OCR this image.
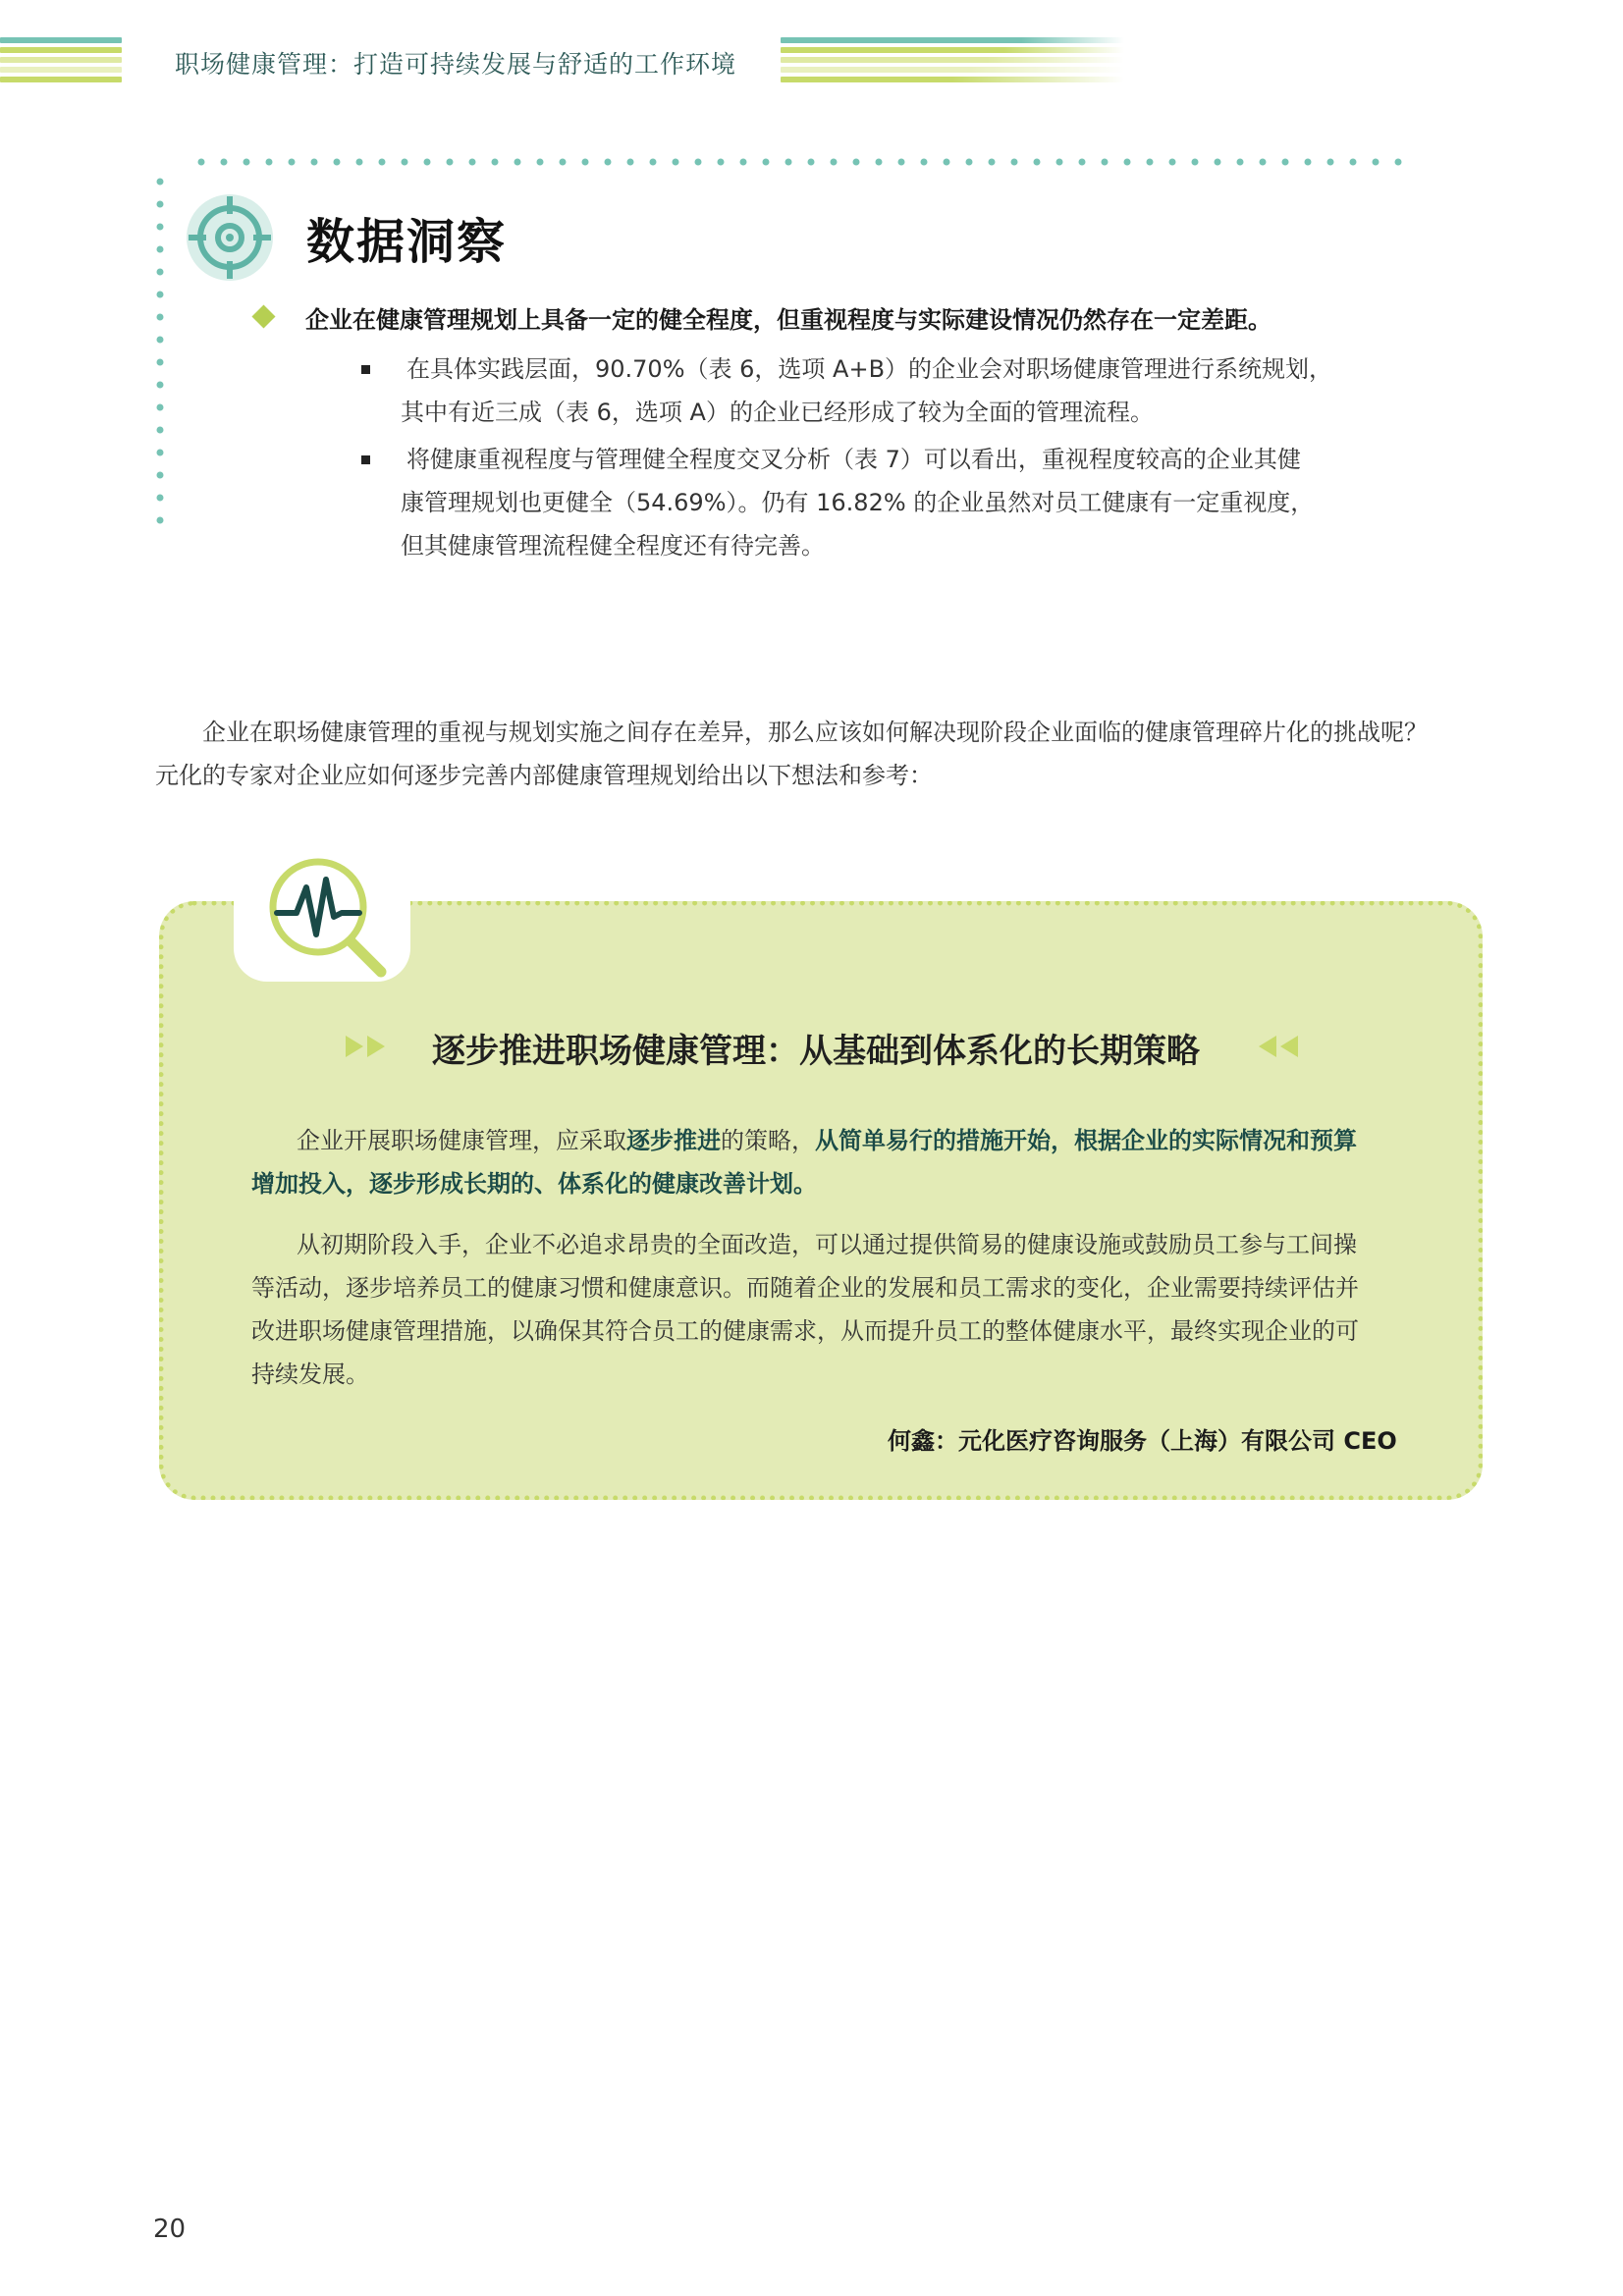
职场健康管理：打造可持续发展与舒适的工作环境
数据洞察
企业在健康管理规划上具备一定的健全程度，但重视程度与实际建设情况仍然存在一定差距。
在具体实践层面，90.70%（表 6，选项 A+B）的企业会对职场健康管理进行系统规划，
其中有近三成（表 6，选项 A）的企业已经形成了较为全面的管理流程。
将健康重视程度与管理健全程度交叉分析（表 7）可以看出，重视程度较高的企业其健
康管理规划也更健全（54.69%）。仍有 16.82% 的企业虽然对员工健康有一定重视度，
但其健康管理流程健全程度还有待完善。
企业在职场健康管理的重视与规划实施之间存在差异，那么应该如何解决现阶段企业面临的健康管理碎片化的挑战呢？
元化的专家对企业应如何逐步完善内部健康管理规划给出以下想法和参考：
逐步推进职场健康管理：从基础到体系化的长期策略
企业开展职场健康管理，应采取逐步推进的策略，从简单易行的措施开始，根据企业的实际情况和预算
增加投入，逐步形成长期的、体系化的健康改善计划。
从初期阶段入手，企业不必追求昂贵的全面改造，可以通过提供简易的健康设施或鼓励员工参与工间操
等活动，逐步培养员工的健康习惯和健康意识。而随着企业的发展和员工需求的变化，企业需要持续评估并
改进职场健康管理措施，以确保其符合员工的健康需求，从而提升员工的整体健康水平，最终实现企业的可
持续发展。
何鑫：元化医疗咨询服务（上海）有限公司 CEO
20
